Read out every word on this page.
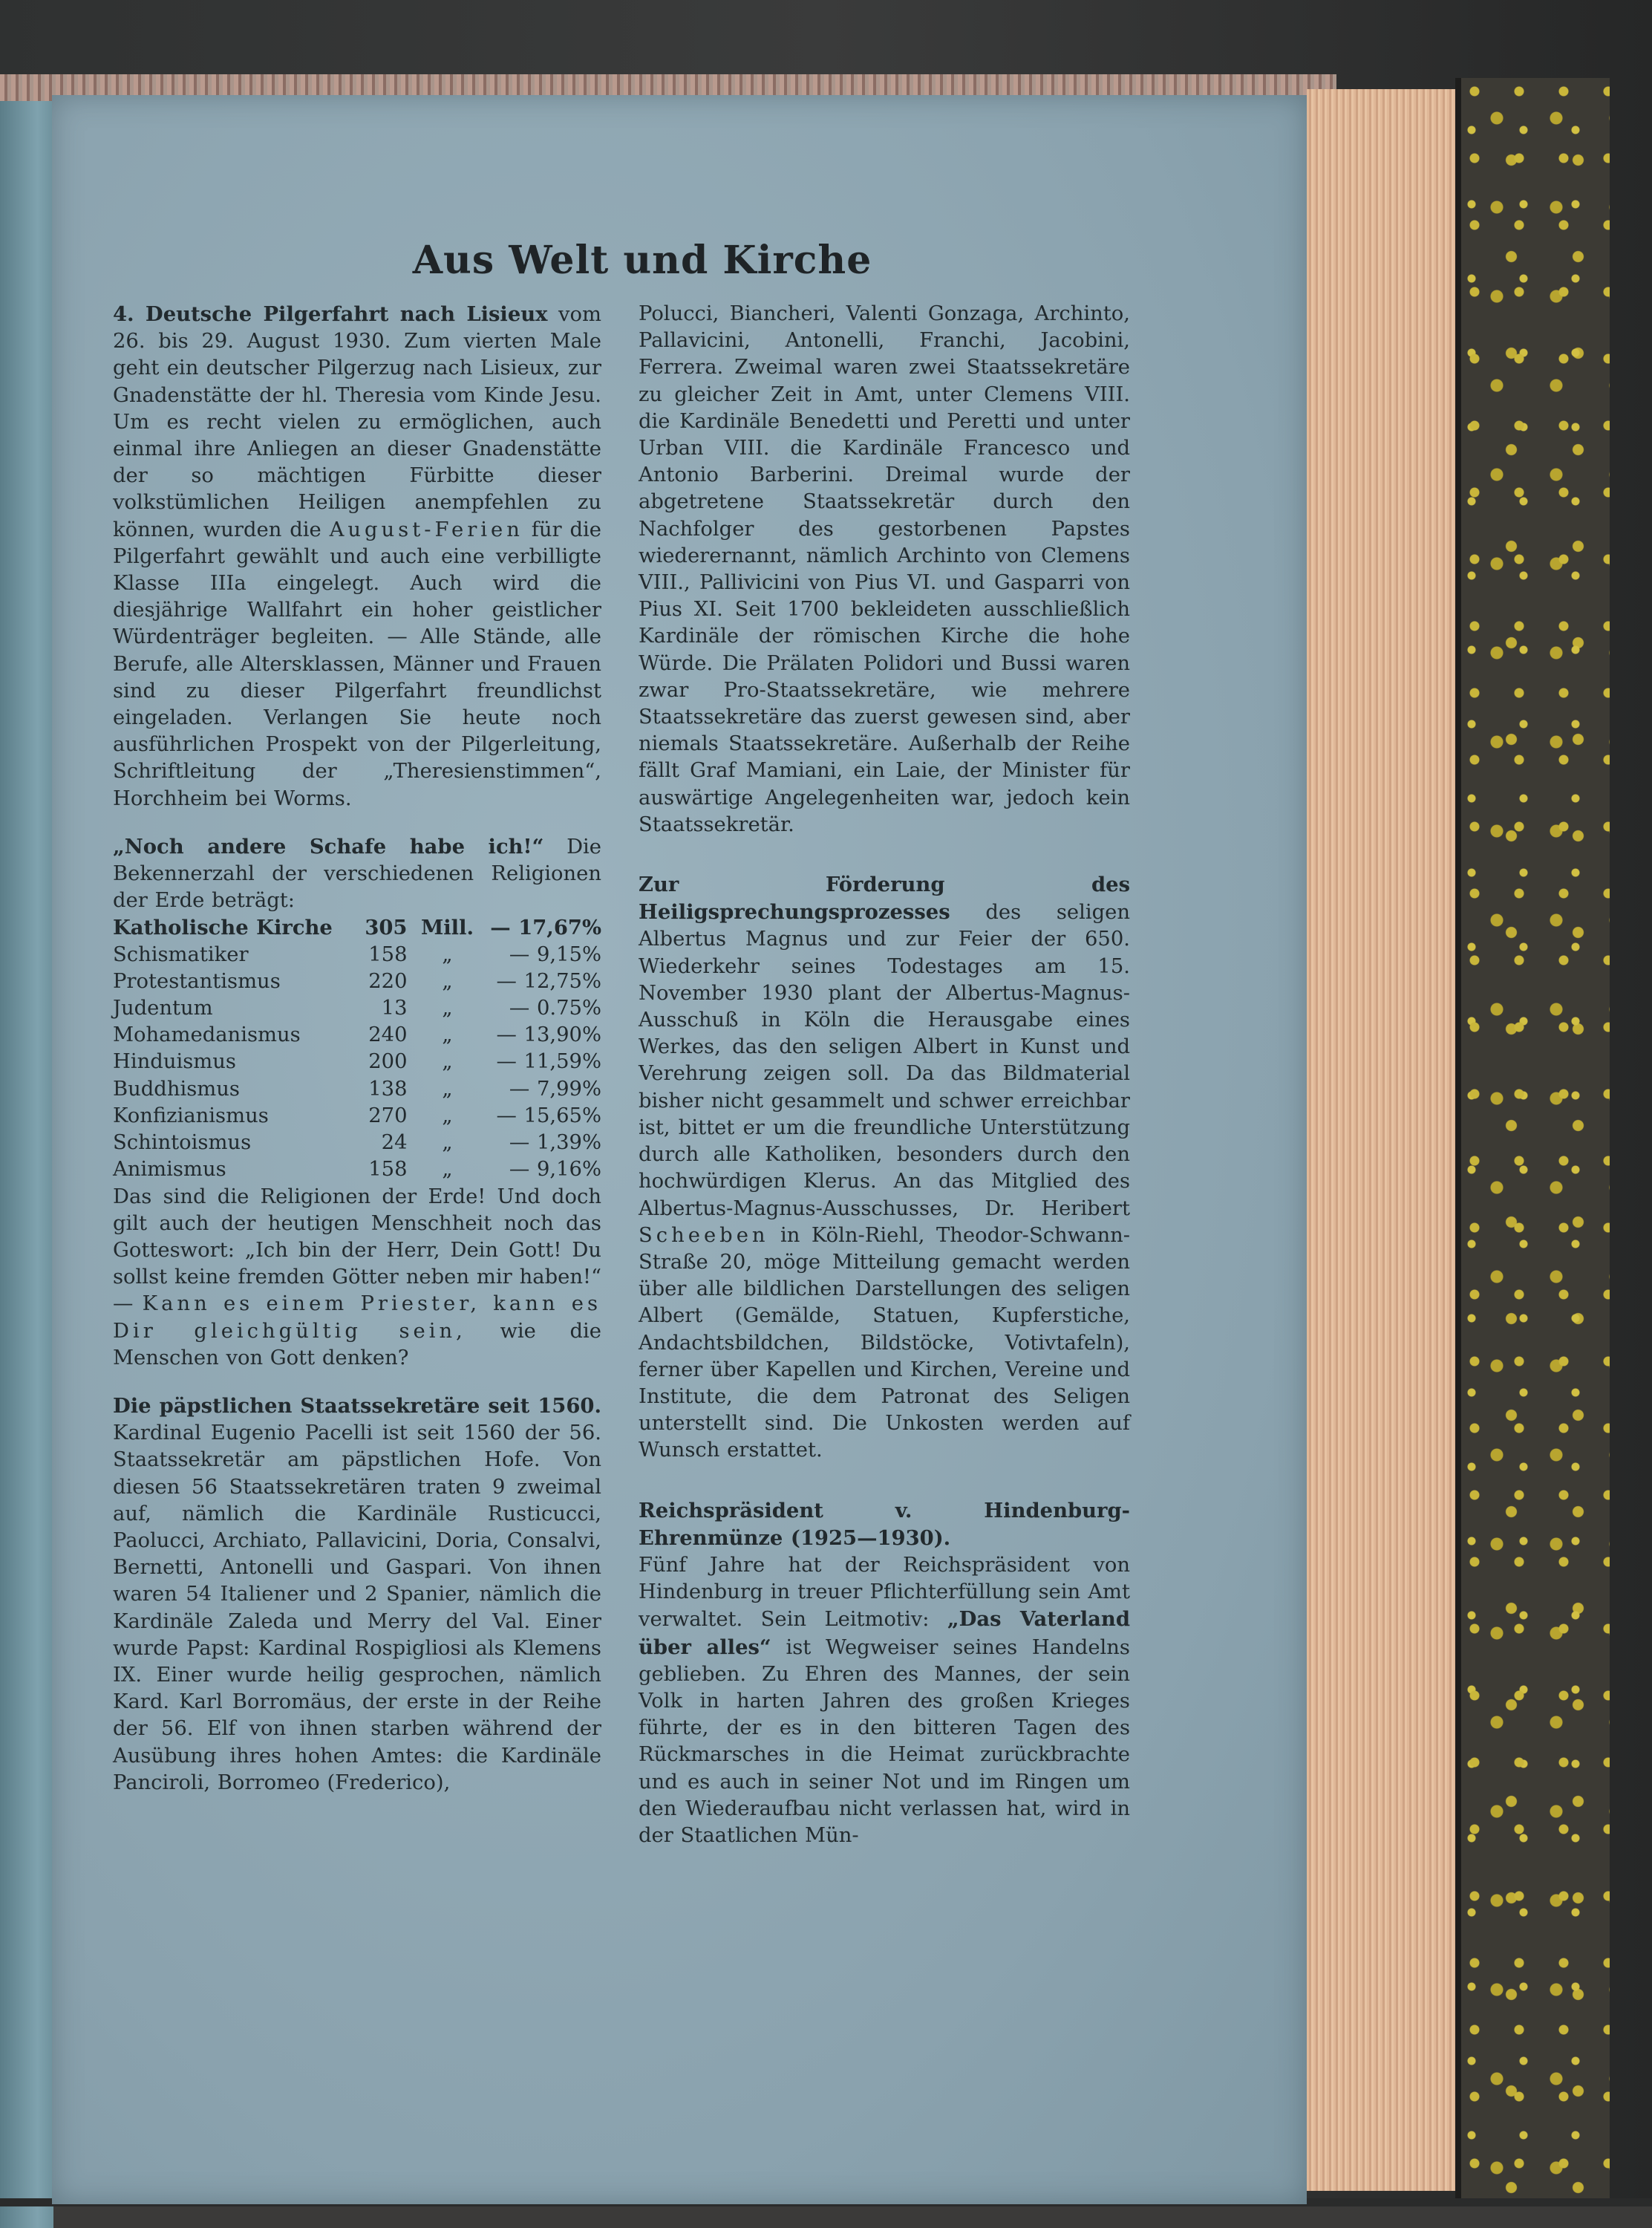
Aus Welt und Kirche

4. Deutsche Pilgerfahrt nach Lisieux vom 26. bis 29. August 1930. Zum vierten Male geht ein deutscher Pilgerzug nach Lisieux, zur Gnadenstätte der hl. Theresia vom Kinde Jesu. Um es recht vielen zu ermöglichen, auch einmal ihre Anliegen an dieser Gnadenstätte der so mächtigen Fürbitte dieser volkstümlichen Heiligen anempfehlen zu können, wurden die August-Ferien für die Pilgerfahrt gewählt und auch eine verbilligte Klasse IIIa eingelegt. Auch wird die diesjährige Wallfahrt ein hoher geistlicher Würdenträger begleiten. — Alle Stände, alle Berufe, alle Altersklassen, Männer und Frauen sind zu dieser Pilgerfahrt freundlichst eingeladen. Verlangen Sie heute noch ausführlichen Prospekt von der Pilgerleitung, Schriftleitung der „Theresienstimmen“, Horchheim bei Worms.

„Noch andere Schafe habe ich!“ Die Bekennerzahl der verschiedenen Religionen der Erde beträgt:

Katholische Kirche	305	Mill.	— 17,67%
Schismatiker	158	„	— 9,15%
Protestantismus	220	„	— 12,75%
Judentum	13	„	— 0.75%
Mohamedanismus	240	„	— 13,90%
Hinduismus	200	„	— 11,59%
Buddhismus	138	„	— 7,99%
Konfizianismus	270	„	— 15,65%
Schintoismus	24	„	— 1,39%
Animismus	158	„	— 9,16%

Das sind die Religionen der Erde! Und doch gilt auch der heutigen Menschheit noch das Gotteswort: „Ich bin der Herr, Dein Gott! Du sollst keine fremden Götter neben mir haben!“ — Kann es einem Priester, kann es Dir gleichgültig sein, wie die Menschen von Gott denken?

Die päpstlichen Staatssekretäre seit 1560. Kardinal Eugenio Pacelli ist seit 1560 der 56. Staatssekretär am päpstlichen Hofe. Von diesen 56 Staatssekretären traten 9 zweimal auf, nämlich die Kardinäle Rusticucci, Paolucci, Archiato, Pallavicini, Doria, Consalvi, Bernetti, Antonelli und Gaspari. Von ihnen waren 54 Italiener und 2 Spanier, nämlich die Kardinäle Zaleda und Merry del Val. Einer wurde Papst: Kardinal Rospigliosi als Klemens IX. Einer wurde heilig gesprochen, nämlich Kard. Karl Borromäus, der erste in der Reihe der 56. Elf von ihnen starben während der Ausübung ihres hohen Amtes: die Kardinäle Panciroli, Borromeo (Frederico),

Polucci, Biancheri, Valenti Gonzaga, Archinto, Pallavicini, Antonelli, Franchi, Jacobini, Ferrera. Zweimal waren zwei Staatssekretäre zu gleicher Zeit in Amt, unter Clemens VIII. die Kardinäle Benedetti und Peretti und unter Urban VIII. die Kardinäle Francesco und Antonio Barberini. Dreimal wurde der abgetretene Staatssekretär durch den Nachfolger des gestorbenen Papstes wiederernannt, nämlich Archinto von Clemens VIII., Pallivicini von Pius VI. und Gasparri von Pius XI. Seit 1700 bekleideten ausschließlich Kardinäle der römischen Kirche die hohe Würde. Die Prälaten Polidori und Bussi waren zwar Pro-Staatssekretäre, wie mehrere Staatssekretäre das zuerst gewesen sind, aber niemals Staatssekretäre. Außerhalb der Reihe fällt Graf Mamiani, ein Laie, der Minister für auswärtige Angelegenheiten war, jedoch kein Staatssekretär.

Zur Förderung des Heiligsprechungsprozesses des seligen Albertus Magnus und zur Feier der 650. Wiederkehr seines Todestages am 15. November 1930 plant der Albertus-Magnus-Ausschuß in Köln die Herausgabe eines Werkes, das den seligen Albert in Kunst und Verehrung zeigen soll. Da das Bildmaterial bisher nicht gesammelt und schwer erreichbar ist, bittet er um die freundliche Unterstützung durch alle Katholiken, besonders durch den hochwürdigen Klerus. An das Mitglied des Albertus-Magnus-Ausschusses, Dr. Heribert Scheeben in Köln-Riehl, Theodor-Schwann-Straße 20, möge Mitteilung gemacht werden über alle bildlichen Darstellungen des seligen Albert (Gemälde, Statuen, Kupferstiche, Andachtsbildchen, Bildstöcke, Votivtafeln), ferner über Kapellen und Kirchen, Vereine und Institute, die dem Patronat des Seligen unterstellt sind. Die Unkosten werden auf Wunsch erstattet.

Reichspräsident v. Hindenburg-Ehrenmünze (1925—1930).

Fünf Jahre hat der Reichspräsident von Hindenburg in treuer Pflichterfüllung sein Amt verwaltet. Sein Leitmotiv: „Das Vaterland über alles“ ist Wegweiser seines Handelns geblieben. Zu Ehren des Mannes, der sein Volk in harten Jahren des großen Krieges führte, der es in den bitteren Tagen des Rückmarsches in die Heimat zurückbrachte und es auch in seiner Not und im Ringen um den Wiederaufbau nicht verlassen hat, wird in der Staatlichen Mün-
